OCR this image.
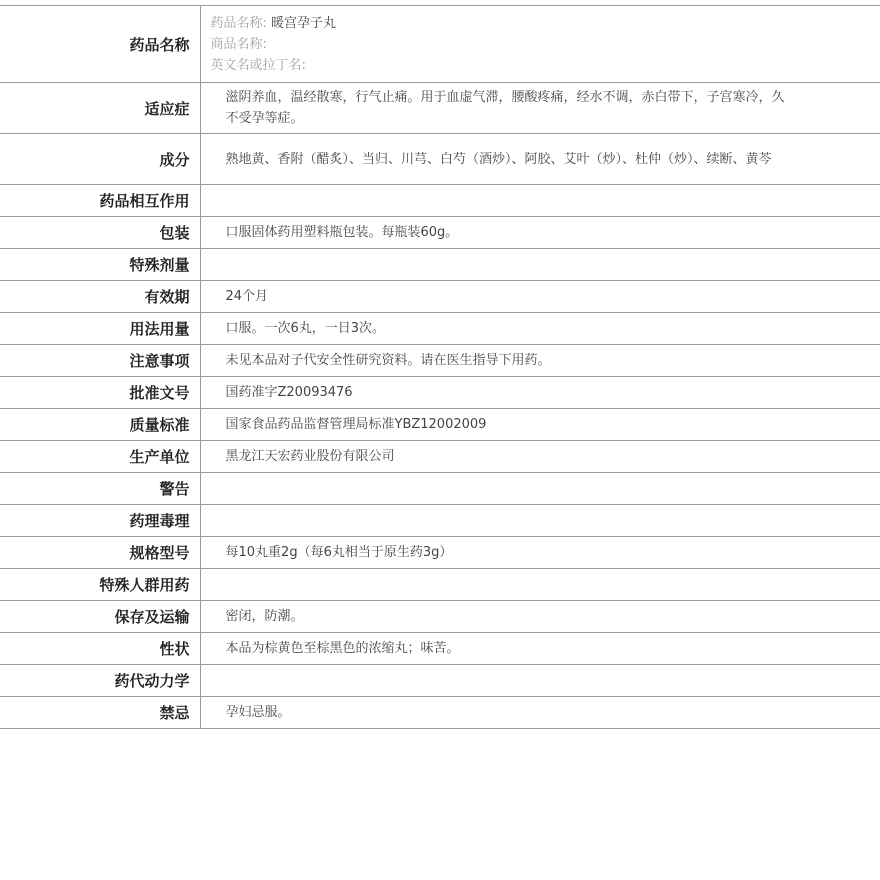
药品名称	药品名称: 暖宫孕子丸
商品名称:
英文名或拉丁名:

适应症	滋阴养血，温经散寒，行气止痛。用于血虚气滞，腰酸疼痛，经水不调，赤白带下，子宫寒冷，久不受孕等症。
成分	熟地黄、香附（醋炙）、当归、川芎、白芍（酒炒）、阿胶、艾叶（炒）、杜仲（炒）、续断、黄芩
药品相互作用	
包装	口服固体药用塑料瓶包装。每瓶装60g。
特殊剂量	
有效期	24个月
用法用量	口服。一次6丸，一日3次。
注意事项	未见本品对子代安全性研究资料。请在医生指导下用药。
批准文号	国药准字Z20093476
质量标准	国家食品药品监督管理局标准YBZ12002009
生产单位	黑龙江天宏药业股份有限公司
警告	
药理毒理	
规格型号	每10丸重2g（每6丸相当于原生药3g）
特殊人群用药	
保存及运输	密闭，防潮。
性状	本品为棕黄色至棕黑色的浓缩丸；味苦。
药代动力学	
禁忌	孕妇忌服。
